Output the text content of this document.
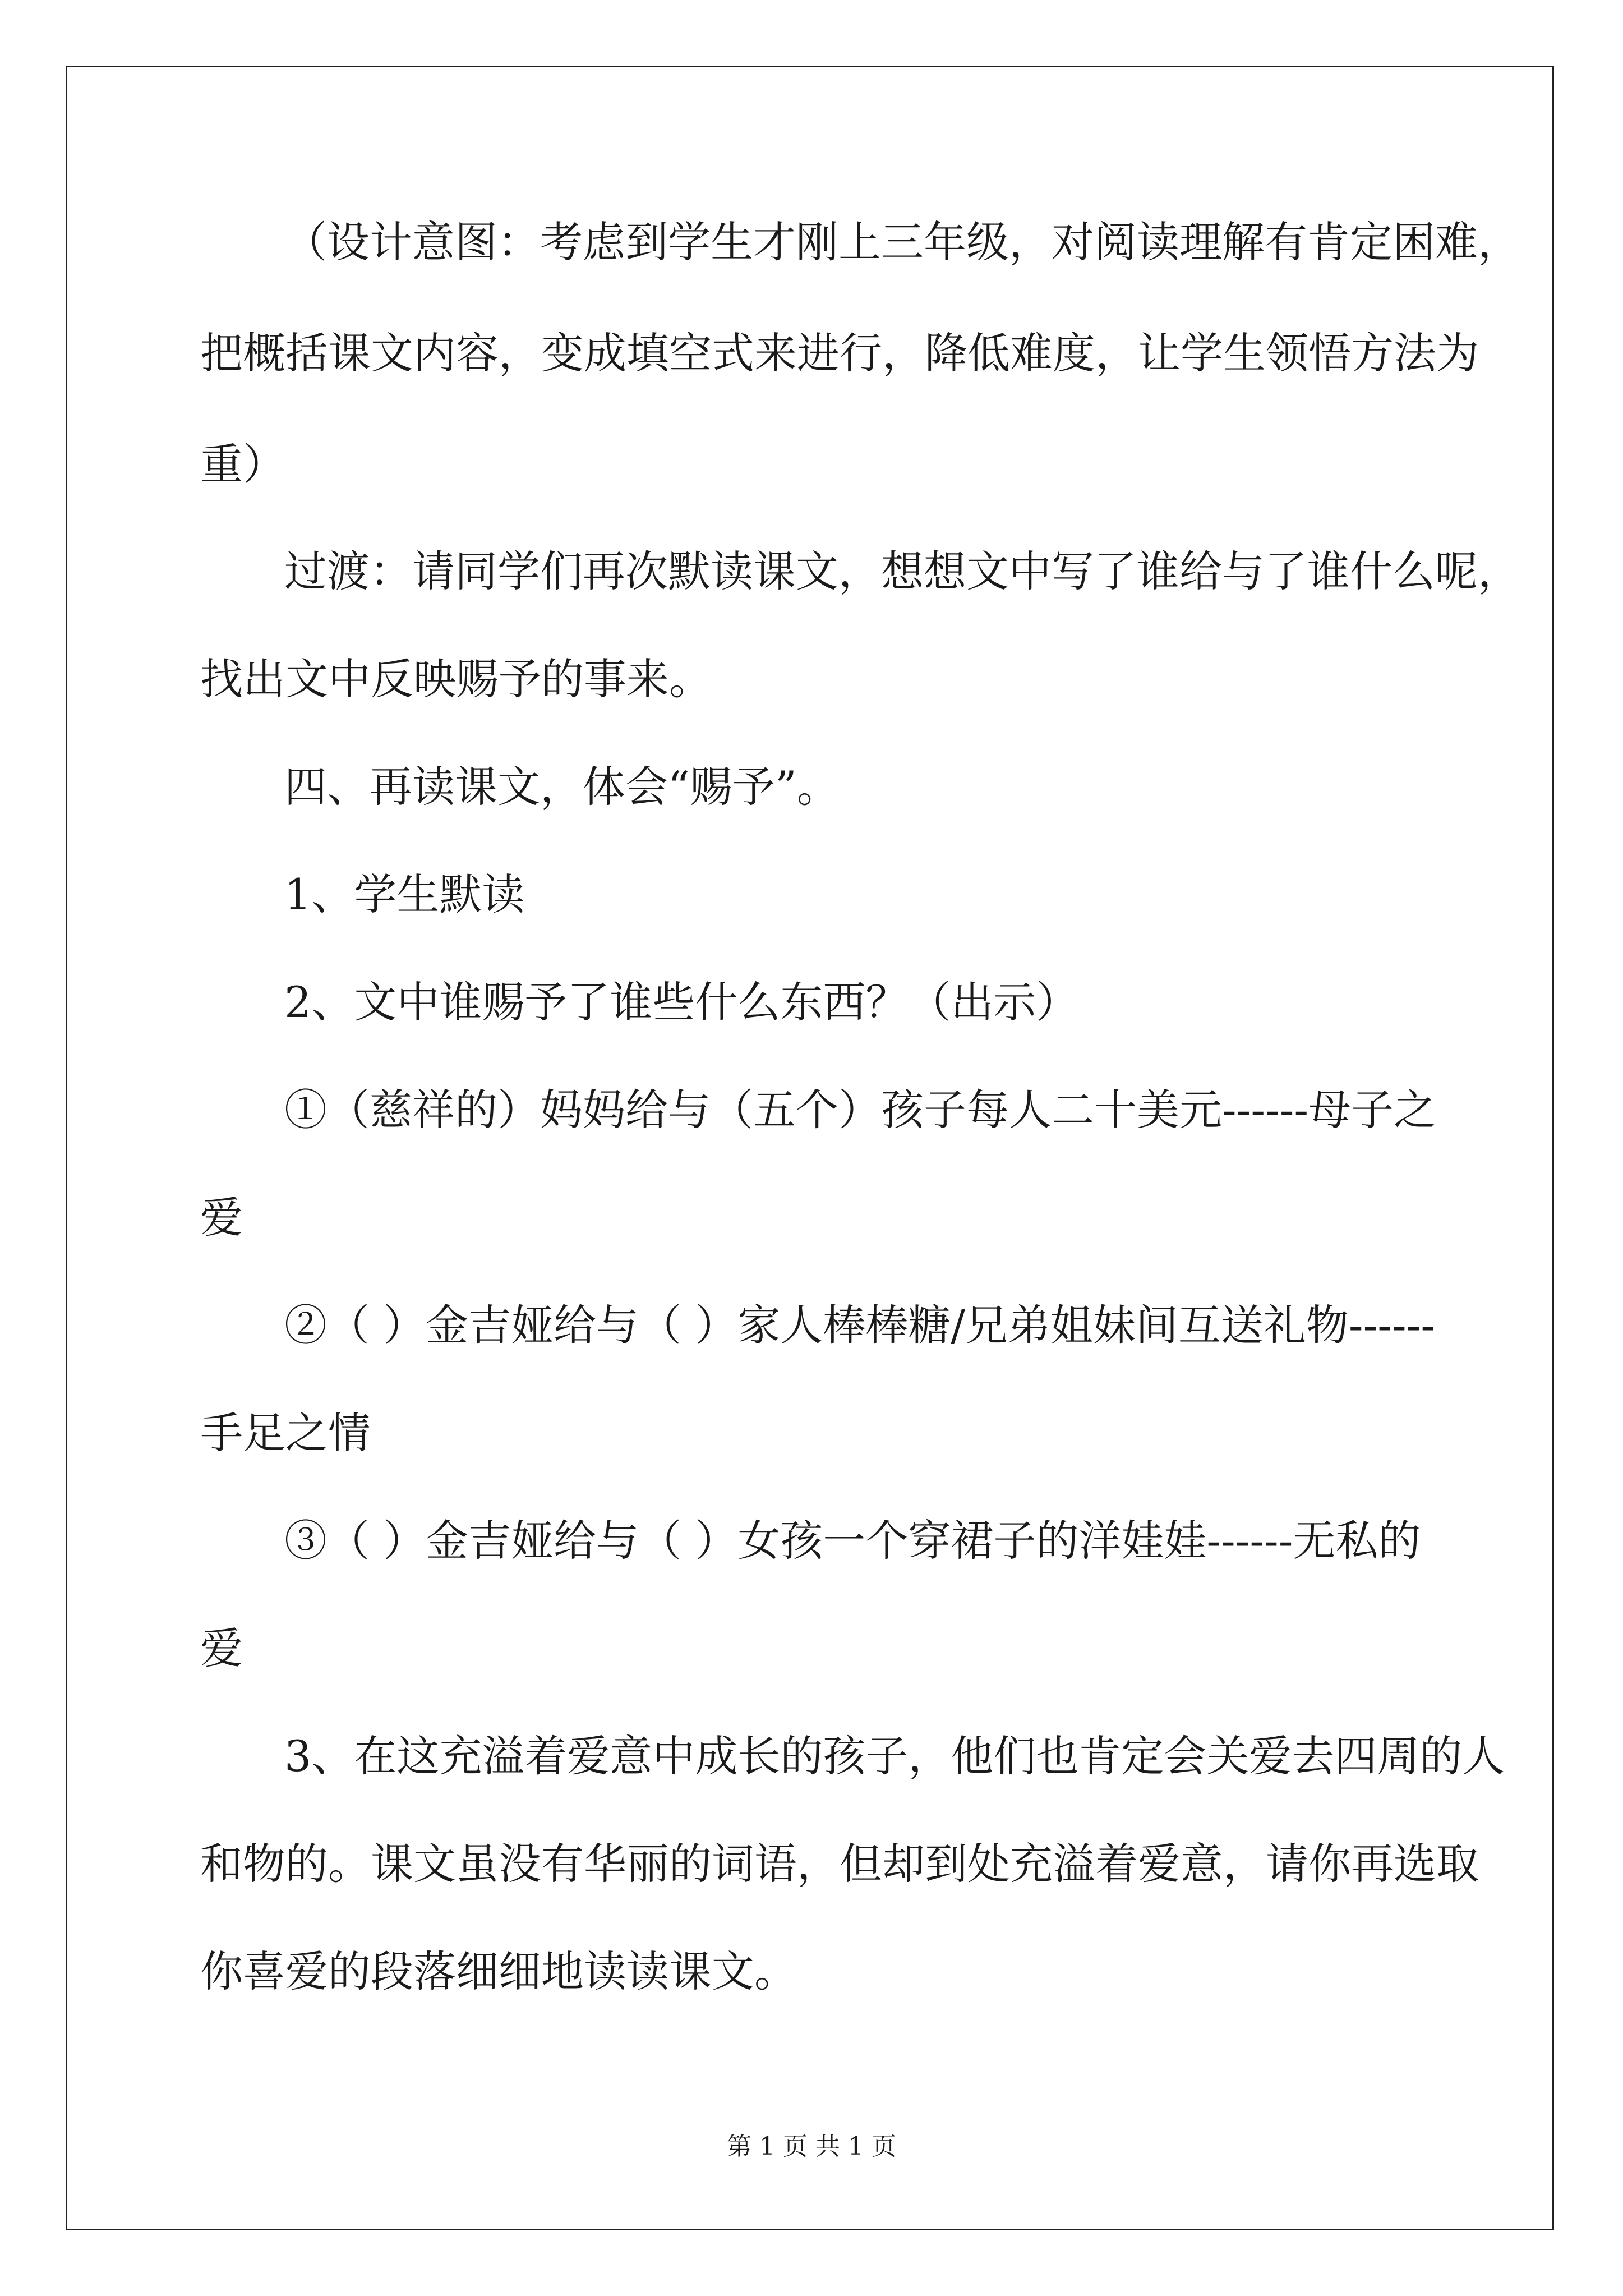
（设计意图：考虑到学生才刚上三年级，对阅读理解有肯定困难，
把概括课文内容，变成填空式来进行，降低难度，让学生领悟方法为
重）
过渡：请同学们再次默读课文，想想文中写了谁给与了谁什么呢，
找出文中反映赐予的事来。
四、再读课文，体会“赐予”。
1、学生默读
2、文中谁赐予了谁些什么东西？（出示）
①（慈祥的）妈妈给与（五个）孩子每人二十美元------母子之
爱
②（ ）金吉娅给与（ ）家人棒棒糖/兄弟姐妹间互送礼物------
手足之情
③（ ）金吉娅给与（ ）女孩一个穿裙子的洋娃娃------无私的
爱
3、在这充溢着爱意中成长的孩子，他们也肯定会关爱去四周的人
和物的。课文虽没有华丽的词语，但却到处充溢着爱意，请你再选取
你喜爱的段落细细地读读课文。
第 1 页 共 1 页
